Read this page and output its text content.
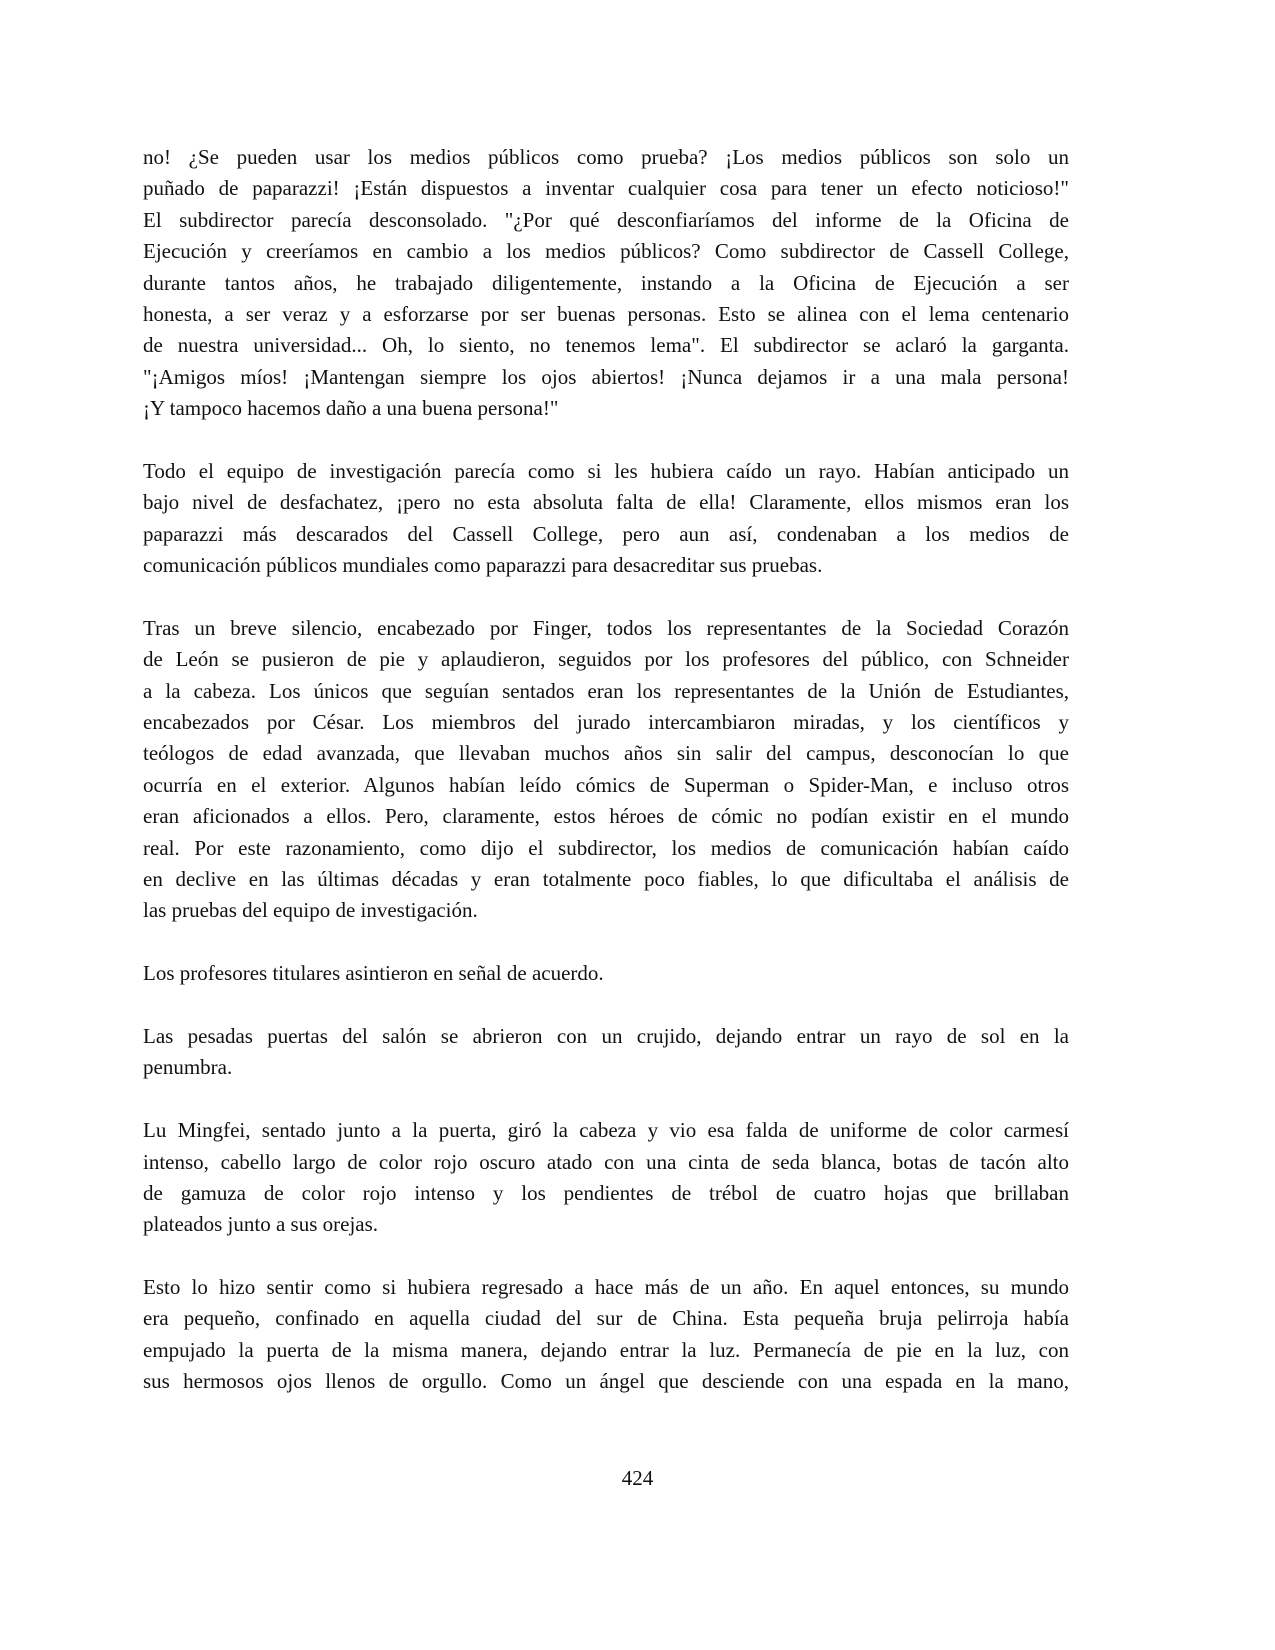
no! ¿Se pueden usar los medios públicos como prueba? ¡Los medios públicos son solo un
puñado de paparazzi! ¡Están dispuestos a inventar cualquier cosa para tener un efecto noticioso!"
El subdirector parecía desconsolado. "¿Por qué desconfiaríamos del informe de la Oficina de
Ejecución y creeríamos en cambio a los medios públicos? Como subdirector de Cassell College,
durante tantos años, he trabajado diligentemente, instando a la Oficina de Ejecución a ser
honesta, a ser veraz y a esforzarse por ser buenas personas. Esto se alinea con el lema centenario
de nuestra universidad... Oh, lo siento, no tenemos lema". El subdirector se aclaró la garganta.
"¡Amigos míos! ¡Mantengan siempre los ojos abiertos! ¡Nunca dejamos ir a una mala persona!
¡Y tampoco hacemos daño a una buena persona!"
Todo el equipo de investigación parecía como si les hubiera caído un rayo. Habían anticipado un
bajo nivel de desfachatez, ¡pero no esta absoluta falta de ella! Claramente, ellos mismos eran los
paparazzi más descarados del Cassell College, pero aun así, condenaban a los medios de
comunicación públicos mundiales como paparazzi para desacreditar sus pruebas.
Tras un breve silencio, encabezado por Finger, todos los representantes de la Sociedad Corazón
de León se pusieron de pie y aplaudieron, seguidos por los profesores del público, con Schneider
a la cabeza. Los únicos que seguían sentados eran los representantes de la Unión de Estudiantes,
encabezados por César. Los miembros del jurado intercambiaron miradas, y los científicos y
teólogos de edad avanzada, que llevaban muchos años sin salir del campus, desconocían lo que
ocurría en el exterior. Algunos habían leído cómics de Superman o Spider-Man, e incluso otros
eran aficionados a ellos. Pero, claramente, estos héroes de cómic no podían existir en el mundo
real. Por este razonamiento, como dijo el subdirector, los medios de comunicación habían caído
en declive en las últimas décadas y eran totalmente poco fiables, lo que dificultaba el análisis de
las pruebas del equipo de investigación.
Los profesores titulares asintieron en señal de acuerdo.
Las pesadas puertas del salón se abrieron con un crujido, dejando entrar un rayo de sol en la
penumbra.
Lu Mingfei, sentado junto a la puerta, giró la cabeza y vio esa falda de uniforme de color carmesí
intenso, cabello largo de color rojo oscuro atado con una cinta de seda blanca, botas de tacón alto
de gamuza de color rojo intenso y los pendientes de trébol de cuatro hojas que brillaban
plateados junto a sus orejas.
Esto lo hizo sentir como si hubiera regresado a hace más de un año. En aquel entonces, su mundo
era pequeño, confinado en aquella ciudad del sur de China. Esta pequeña bruja pelirroja había
empujado la puerta de la misma manera, dejando entrar la luz. Permanecía de pie en la luz, con
sus hermosos ojos llenos de orgullo. Como un ángel que desciende con una espada en la mano,
424
